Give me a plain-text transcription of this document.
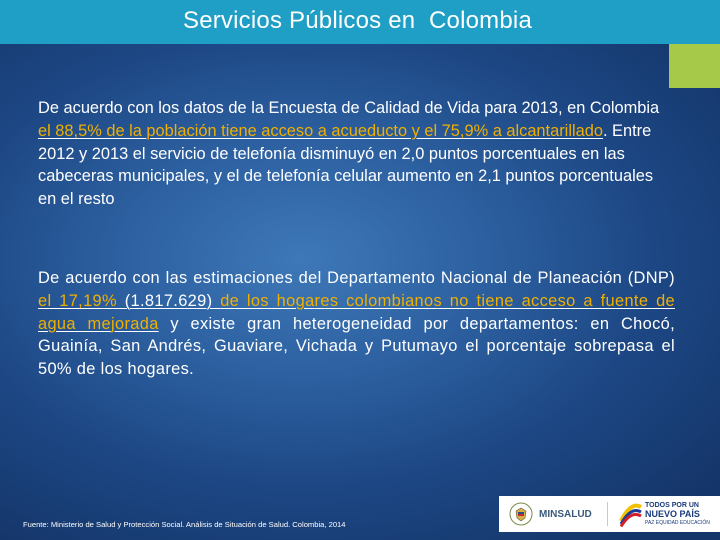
Servicios Públicos en  Colombia

De acuerdo con los datos de la Encuesta de Calidad de Vida para 2013, en Colombia el 88,5% de la población tiene acceso a acueducto y el 75,9% a alcantarillado. Entre 2012 y 2013 el servicio de telefonía disminuyó en 2,0 puntos porcentuales en las cabeceras municipales, y el de telefonía celular aumento en 2,1 puntos porcentuales en el resto

De acuerdo con las estimaciones del Departamento Nacional de Planeación (DNP) el 17,19% (1.817.629) de los hogares colombianos no tiene acceso a fuente de agua mejorada y existe gran heterogeneidad por departamentos: en Chocó, Guainía, San Andrés, Guaviare, Vichada y Putumayo el porcentaje sobrepasa el 50% de los hogares.

Fuente: Ministerio de Salud y Protección Social. Análisis de Situación de Salud. Colombia, 2014
MINSALUD
TODOS POR UN
NUEVO PAÍS
PAZ EQUIDAD EDUCACIÓN
